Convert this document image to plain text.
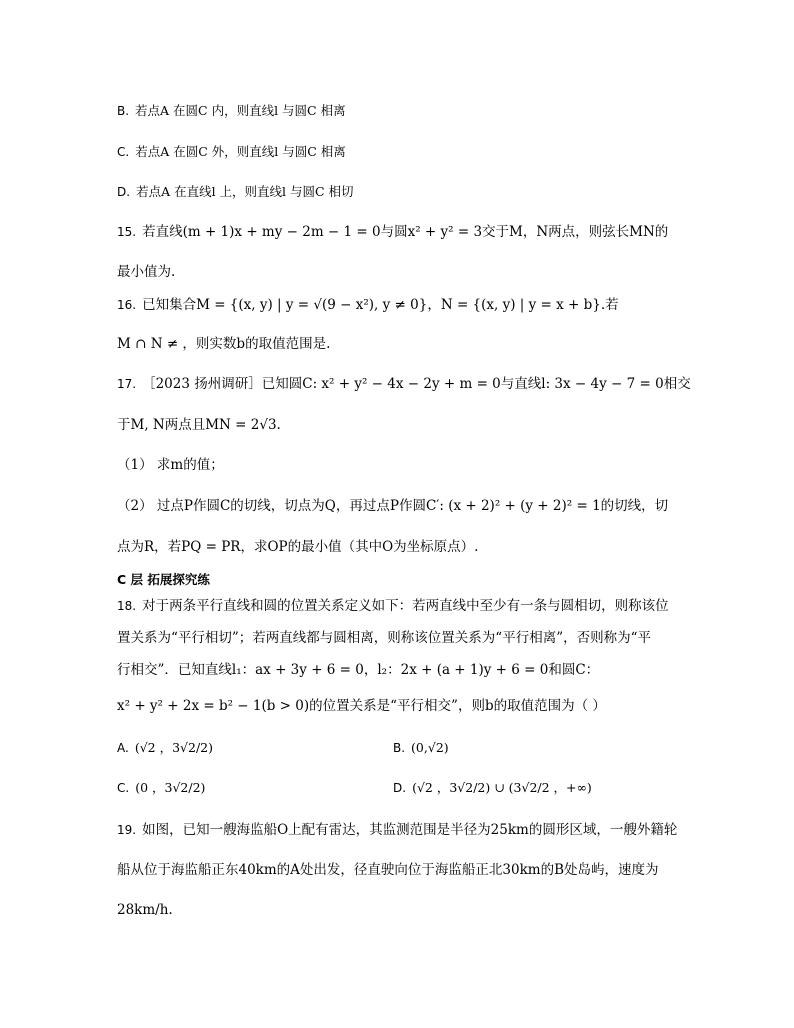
B. 若点A 在圆C 内，则直线l 与圆C 相离
C. 若点A 在圆C 外，则直线l 与圆C 相离
D. 若点A 在直线l 上，则直线l 与圆C 相切
15. 若直线(m + 1)x + my − 2m − 1 = 0与圆x² + y² = 3交于M，N两点，则弦长MN的
最小值为.
16. 已知集合M = {(x, y) | y = √(9 − x²), y ≠ 0}，N = {(x, y) | y = x + b}.若
M ∩ N ≠ ，则实数b的取值范围是.
17. ［2023 扬州调研］已知圆C: x² + y² − 4x − 2y + m = 0与直线l: 3x − 4y − 7 = 0相交
于M, N两点且MN = 2√3.
（1） 求m的值；
（2） 过点P作圆C的切线，切点为Q，再过点P作圆C′: (x + 2)² + (y + 2)² = 1的切线，切
点为R，若PQ = PR，求OP的最小值（其中O为坐标原点）.
C 层 拓展探究练
18. 对于两条平行直线和圆的位置关系定义如下：若两直线中至少有一条与圆相切，则称该位
置关系为“平行相切”；若两直线都与圆相离，则称该位置关系为“平行相离”，否则称为“平
行相交”．已知直线l₁：ax + 3y + 6 = 0，l₂：2x + (a + 1)y + 6 = 0和圆C：
x² + y² + 2x = b² − 1(b > 0)的位置关系是“平行相交”，则b的取值范围为（ ）
A. (√2 ，3√2/2)	B. (0,√2)
C. (0 ，3√2/2)	D. (√2 ，3√2/2) ∪ (3√2/2 ，+∞)
19. 如图，已知一艘海监船O上配有雷达，其监测范围是半径为25km的圆形区域，一艘外籍轮
船从位于海监船正东40km的A处出发，径直驶向位于海监船正北30km的B处岛屿，速度为
28km/h.
